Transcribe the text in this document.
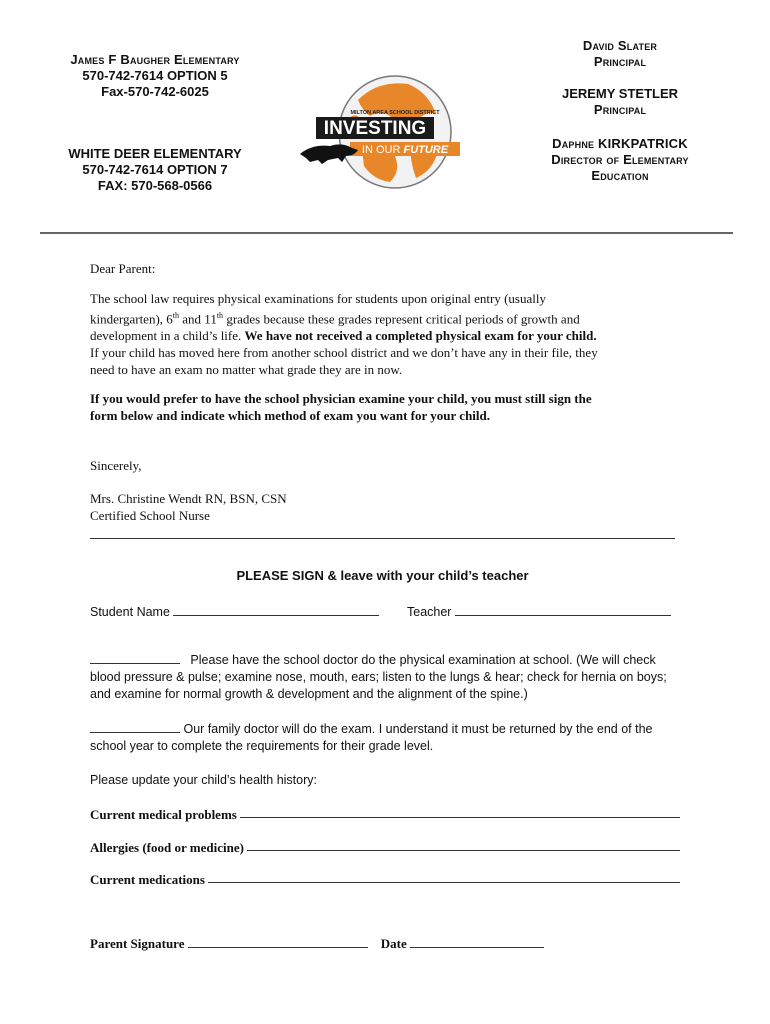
James F Baugher Elementary
570-742-7614 OPTION 5
Fax-570-742-6025
WHITE DEER ELEMENTARY
570-742-7614 OPTION 7
FAX: 570-568-0566
INVESTING
IN OUR FUTURE
MILTON AREA SCHOOL DISTRICT
David Slater
Principal
JEREMY STETLER
Principal
Daphne KIRKPATRICK
Director of Elementary
Education
Dear Parent:
The school law requires physical examinations for students upon original entry (usually
kindergarten), 6th and 11th grades because these grades represent critical periods of growth and
development in a child’s life. We have not received a completed physical exam for your child.
If your child has moved here from another school district and we don’t have any in their file, they
need to have an exam no matter what grade they are in now.
If you would prefer to have the school physician examine your child, you must still sign the
form below and indicate which method of exam you want for your child.
Sincerely,
Mrs. Christine Wendt RN, BSN, CSN
Certified School Nurse
PLEASE SIGN & leave with your child’s teacher
Student Name	Teacher
Please have the school doctor do the physical examination at school. (We will check
blood pressure & pulse; examine nose, mouth, ears; listen to the lungs & hear; check for hernia on boys;
and examine for normal growth & development and the alignment of the spine.)
Our family doctor will do the exam. I understand it must be returned by the end of the
school year to complete the requirements for their grade level.
Please update your child’s health history:
Current medical problems
Allergies (food or medicine)
Current medications
Parent Signature	Date
